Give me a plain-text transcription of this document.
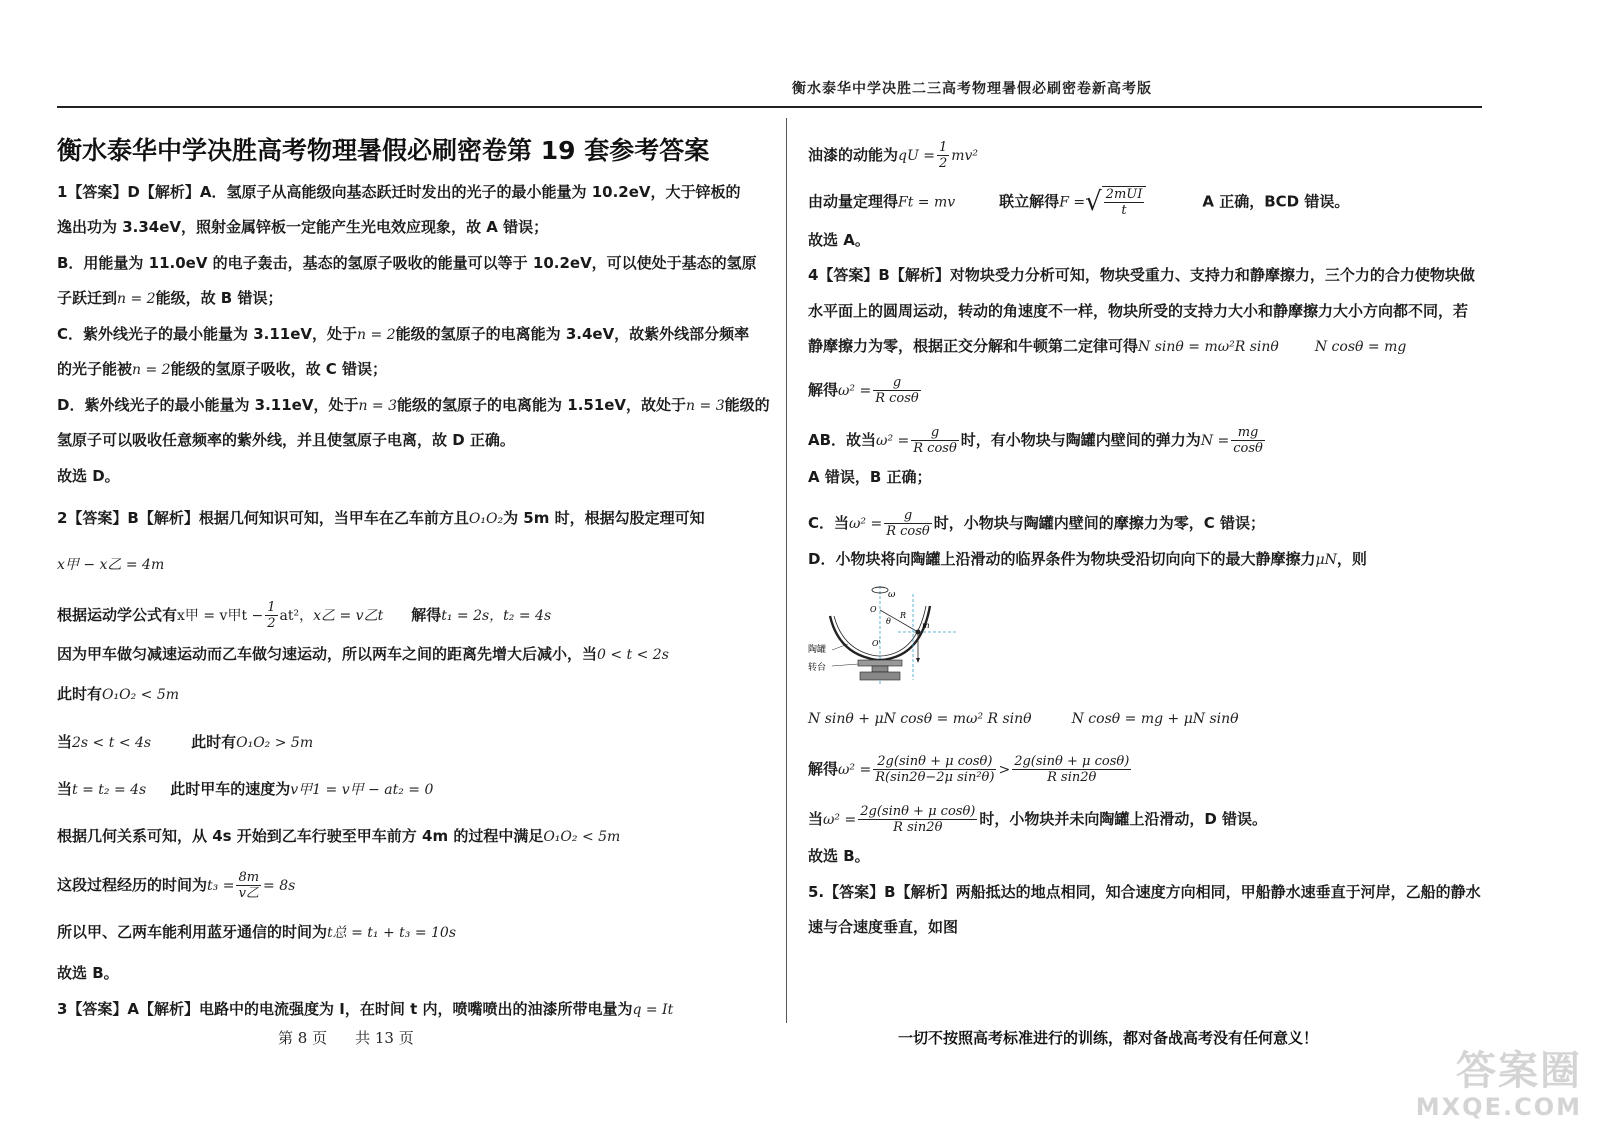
衡水泰华中学决胜二三高考物理暑假必刷密卷新高考版
衡水泰华中学决胜高考物理暑假必刷密卷第 19 套参考答案
1【答案】D【解析】A．氢原子从高能级向基态跃迁时发出的光子的最小能量为 10.2eV，大于锌板的
逸出功为 3.34eV，照射金属锌板一定能产生光电效应现象，故 A 错误；
B．用能量为 11.0eV 的电子轰击，基态的氢原子吸收的能量可以等于 10.2eV，可以使处于基态的氢原
子跃迁到n = 2能级，故 B 错误；
C．紫外线光子的最小能量为 3.11eV，处于n = 2能级的氢原子的电离能为 3.4eV，故紫外线部分频率
的光子能被n = 2能级的氢原子吸收，故 C 错误；
D．紫外线光子的最小能量为 3.11eV，处于n = 3能级的氢原子的电离能为 1.51eV，故处于n = 3能级的
氢原子可以吸收任意频率的紫外线，并且使氢原子电离，故 D 正确。
故选 D。
2【答案】B【解析】根据几何知识可知，当甲车在乙车前方且O₁O₂为 5m 时，根据勾股定理可知
x甲 − x乙 = 4m
根据运动学公式有x甲 = v甲$t - \frac{1}{2} at^2$，x乙 = v乙t 解得t₁ = 2s，t₂ = 4s
因为甲车做匀减速运动而乙车做匀速运动，所以两车之间的距离先增大后减小，当0 < t < 2s
此时有O₁O₂ < 5m
当2s < t < 4s	此时有O₁O₂ > 5m
当t = t₂ = 4s 此时甲车的速度为v甲1 = v甲 − at₂ = 0
根据几何关系可知，从 4s 开始到乙车行驶至甲车前方 4m 的过程中满足O₁O₂ < 5m
这段过程经历的时间为$t_3 = \frac{8m}{\text{v乙}} = 8s$
所以甲、乙两车能利用蓝牙通信的时间为t总 = t₁ + t₃ = 10s
故选 B。
3【答案】A【解析】电路中的电流强度为 I，在时间 t 内，喷嘴喷出的油漆所带电量为q = It
油漆的动能为qU = $\frac{1}{2} mv^2$
由动量定理得Ft = mv	联立解得F =√ $\frac{\text{2mUI}}{t}$	A 正确，BCD 错误。
故选 A。
4【答案】B【解析】对物块受力分析可知，物块受重力、支持力和静摩擦力，三个力的合力使物块做
水平面上的圆周运动，转动的角速度不一样，物块所受的支持力大小和静摩擦力大小方向都不同，若
静摩擦力为零，根据正交分解和牛顿第二定律可得N sinθ = mω²R sinθ	N cosθ = mg
解得$\omega^2 = \frac{g}{\text{R cosθ}}$
AB．故当$\omega^2 = \frac{g}{\text{R cosθ}}$ 时，有小物块与陶罐内壁间的弹力为$N = \frac{mg}{\cos\theta}$
A 错误，B 正确；
C．当$\omega^2 = \frac{g}{\text{R cosθ}}$ 时，小物块与陶罐内壁间的摩擦力为零，C 错误；
D．小物块将向陶罐上沿滑动的临界条件为物块受沿切向向下的最大静摩擦力μN，则
ω
O
R
θ	m
O'
陶罐
转台
N sinθ + μN cosθ = mω² R sinθ	N cosθ = mg + μN sinθ
解得$\omega^2 = \frac{\text{2g(sinθ + μ cosθ)}}{\text{R(sin2θ−2μ sin²θ)}} > \frac{\text{2g(sinθ + μ cosθ)}}{\text{R sin2θ}}$
当$\omega^2 = \frac{\text{2g(sinθ + μ cosθ)}}{\text{R sin2θ}}$ 时，小物块并未向陶罐上沿滑动，D 错误。
故选 B。
5.【答案】B【解析】两船抵达的地点相同，知合速度方向相同，甲船静水速垂直于河岸，乙船的静水
速与合速度垂直，如图
第 8 页 共 13 页	一切不按照高考标准进行的训练，都对备战高考没有任何意义！
答案圈
MXQE.COM
